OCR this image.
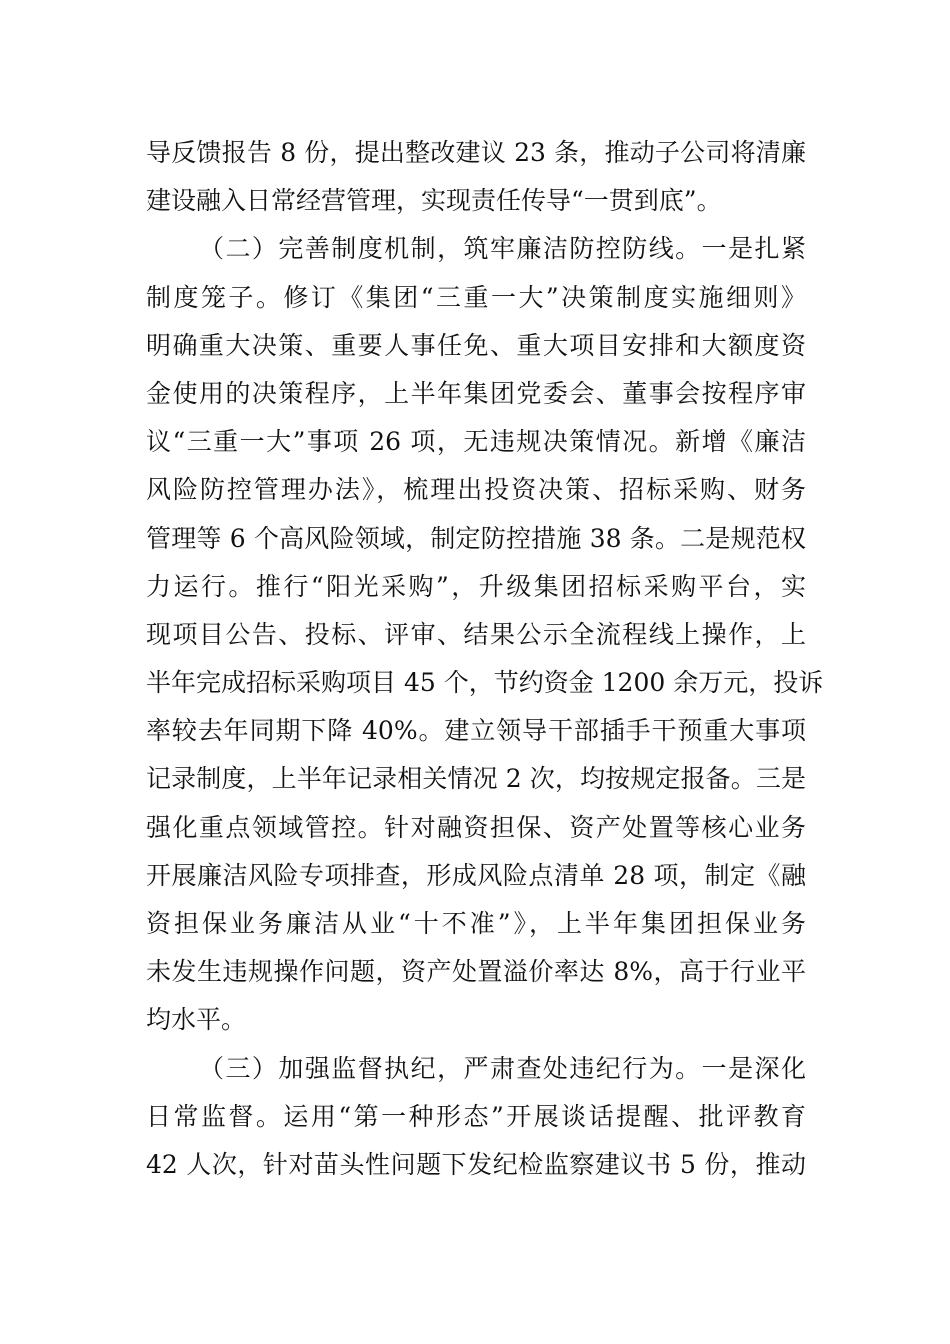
导反馈报告 8 份，提出整改建议 23 条，推动子公司将清廉
建设融入日常经营管理，实现责任传导“一贯到底”。
（二）完善制度机制，筑牢廉洁防控防线。一是扎紧
制度笼子。修订《集团“三重一大”决策制度实施细则》
明确重大决策、重要人事任免、重大项目安排和大额度资
金使用的决策程序，上半年集团党委会、董事会按程序审
议“三重一大”事项 26 项，无违规决策情况。新增《廉洁
风险防控管理办法》，梳理出投资决策、招标采购、财务
管理等 6 个高风险领域，制定防控措施 38 条。二是规范权
力运行。推行“阳光采购”，升级集团招标采购平台，实
现项目公告、投标、评审、结果公示全流程线上操作，上
半年完成招标采购项目 45 个，节约资金 1200 余万元，投诉
率较去年同期下降 40%。建立领导干部插手干预重大事项
记录制度，上半年记录相关情况 2 次，均按规定报备。三是
强化重点领域管控。针对融资担保、资产处置等核心业务
开展廉洁风险专项排查，形成风险点清单 28 项，制定《融
资担保业务廉洁从业“十不准”》，上半年集团担保业务
未发生违规操作问题，资产处置溢价率达 8%，高于行业平
均水平。
（三）加强监督执纪，严肃查处违纪行为。一是深化
日常监督。运用“第一种形态”开展谈话提醒、批评教育
42 人次，针对苗头性问题下发纪检监察建议书 5 份，推动
